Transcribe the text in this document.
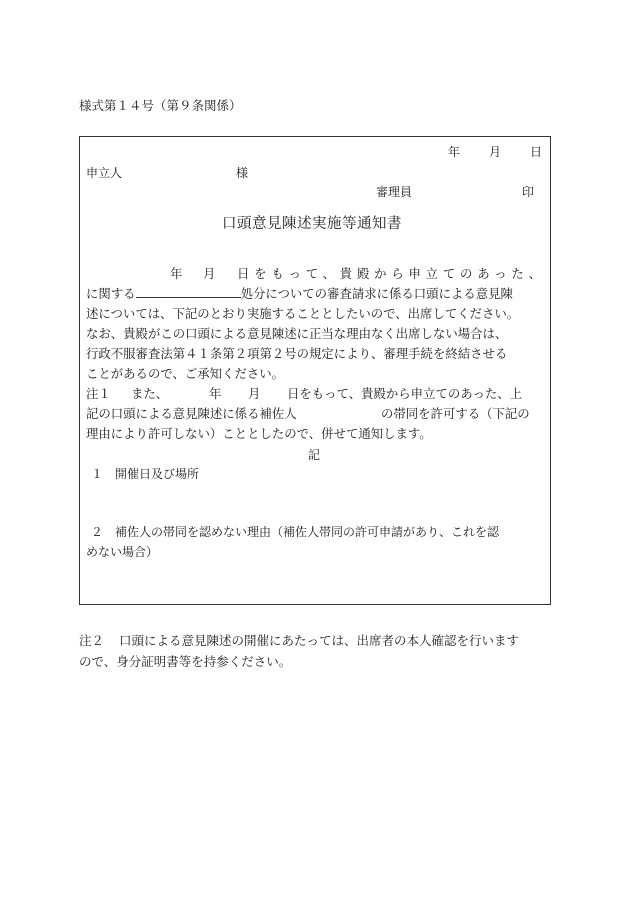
様式第１４号（第９条関係）
年 月 日
申立人	様
審理員	印
口頭意見陳述実施等通知書
年 月 日をもって、貴殿から申立てのあった、
に関する	処分についての審査請求に係る口頭による意見陳
述については、下記のとおり実施することとしたいので、出席してください。
なお、貴殿がこの口頭による意見陳述に正当な理由なく出席しない場合は、
行政不服審査法第４１条第２項第２号の規定により、審理手続を終結させる
ことがあるので、ご承知ください。
注１ また、	年 月 日をもって、貴殿から申立てのあった、上
記の口頭による意見陳述に係る補佐人	の帯同を許可する（下記の
理由により許可しない）こととしたので、併せて通知します。
記
１ 開催日及び場所
２ 補佐人の帯同を認めない理由（補佐人帯同の許可申請があり、これを認
めない場合）
注２ 口頭による意見陳述の開催にあたっては、出席者の本人確認を行います
ので、身分証明書等を持参ください。
